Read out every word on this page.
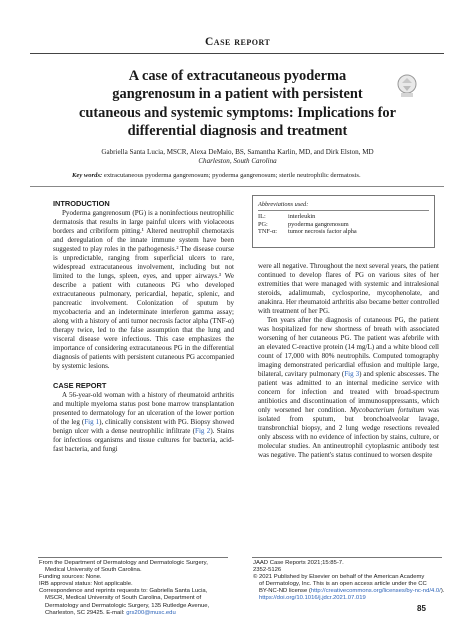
Case report
A case of extracutaneous pyoderma
gangrenosum in a patient with persistent
cutaneous and systemic symptoms: Implications for
differential diagnosis and treatment
Gabriella Santa Lucia, MSCR, Alexa DeMaio, BS, Samantha Karlin, MD, and Dirk Elston, MD
Charleston, South Carolina
Key words: extracutaneous pyoderma gangrenosum; pyoderma gangrenosum; sterile neutrophilic dermatosis.
INTRODUCTION

Pyoderma gangrenosum (PG) is a noninfectious neutrophilic dermatosis that results in large painful ulcers with violaceous borders and cribriform pitting.¹ Altered neutrophil chemotaxis and deregulation of the innate immune system have been suggested to play roles in the pathogenesis.² The disease course is unpredictable, ranging from superficial ulcers to rare, widespread extracutaneous involvement, including but not limited to the lungs, spleen, eyes, and upper airways.³ We describe a patient with cutaneous PG who developed extracutaneous pulmonary, pericardial, hepatic, splenic, and pancreatic involvement. Colonization of sputum by mycobacteria and an indeterminate interferon gamma assay; along with a history of anti tumor necrosis factor alpha (TNF-α) therapy twice, led to the false assumption that the lung and visceral disease were infectious. This case emphasizes the importance of considering extracutaneous PG in the differential diagnosis of patients with persistent cutaneous PG accompanied by systemic lesions.

CASE REPORT

A 56-year-old woman with a history of rheumatoid arthritis and multiple myeloma status post bone marrow transplantation presented to dermatology for an ulceration of the lower portion of the leg (Fig 1), clinically consistent with PG. Biopsy showed benign ulcer with a dense neutrophilic infiltrate (Fig 2). Stains for infectious organisms and tissue cultures for bacteria, acid-fast bacteria, and fungi

Abbreviations used:
IL:	interleukin
PG:	pyoderma gangrenosum
TNF-α:	tumor necrosis factor alpha

were all negative. Throughout the next several years, the patient continued to develop flares of PG on various sites of her extremities that were managed with systemic and intralesional steroids, adalimumab, cyclosporine, mycophenolate, and anakinra. Her rheumatoid arthritis also became better controlled with treatment of her PG.

Ten years after the diagnosis of cutaneous PG, the patient was hospitalized for new shortness of breath with associated worsening of her cutaneous PG. The patient was afebrile with an elevated C-reactive protein (14 mg/L) and a white blood cell count of 17,000 with 80% neutrophils. Computed tomography imaging demonstrated pericardial effusion and multiple large, bilateral, cavitary pulmonary (Fig 3) and splenic abscesses. The patient was admitted to an internal medicine service with concern for infection and treated with broad-spectrum antibiotics and discontinuation of immunosuppressants, which only worsened her condition. Mycobacterium fortuitum was isolated from sputum, but bronchoalveolar lavage, transbronchial biopsy, and 2 lung wedge resections revealed only abscess with no evidence of infection by stains, culture, or molecular studies. An antineutrophil cytoplasmic antibody test was negative. The patient's status continued to worsen despite

From the Department of Dermatology and Dermatologic Surgery,
Medical University of South Carolina.
Funding sources: None.
IRB approval status: Not applicable.
Correspondence and reprints requests to: Gabriella Santa Lucia,
MSCR, Medical University of South Carolina, Department of
Dermatology and Dermatologic Surgery, 135 Rutledge Avenue,
Charleston, SC 29425. E-mail: grs200@musc.edu
JAAD Case Reports 2021;15:85-7.
2352-5126
© 2021 Published by Elsevier on behalf of the American Academy
of Dermatology, Inc. This is an open access article under the CC
BY-NC-ND license (http://creativecommons.org/licenses/by-nc-nd/4.0/).
https://doi.org/10.1016/j.jdcr.2021.07.019
85
